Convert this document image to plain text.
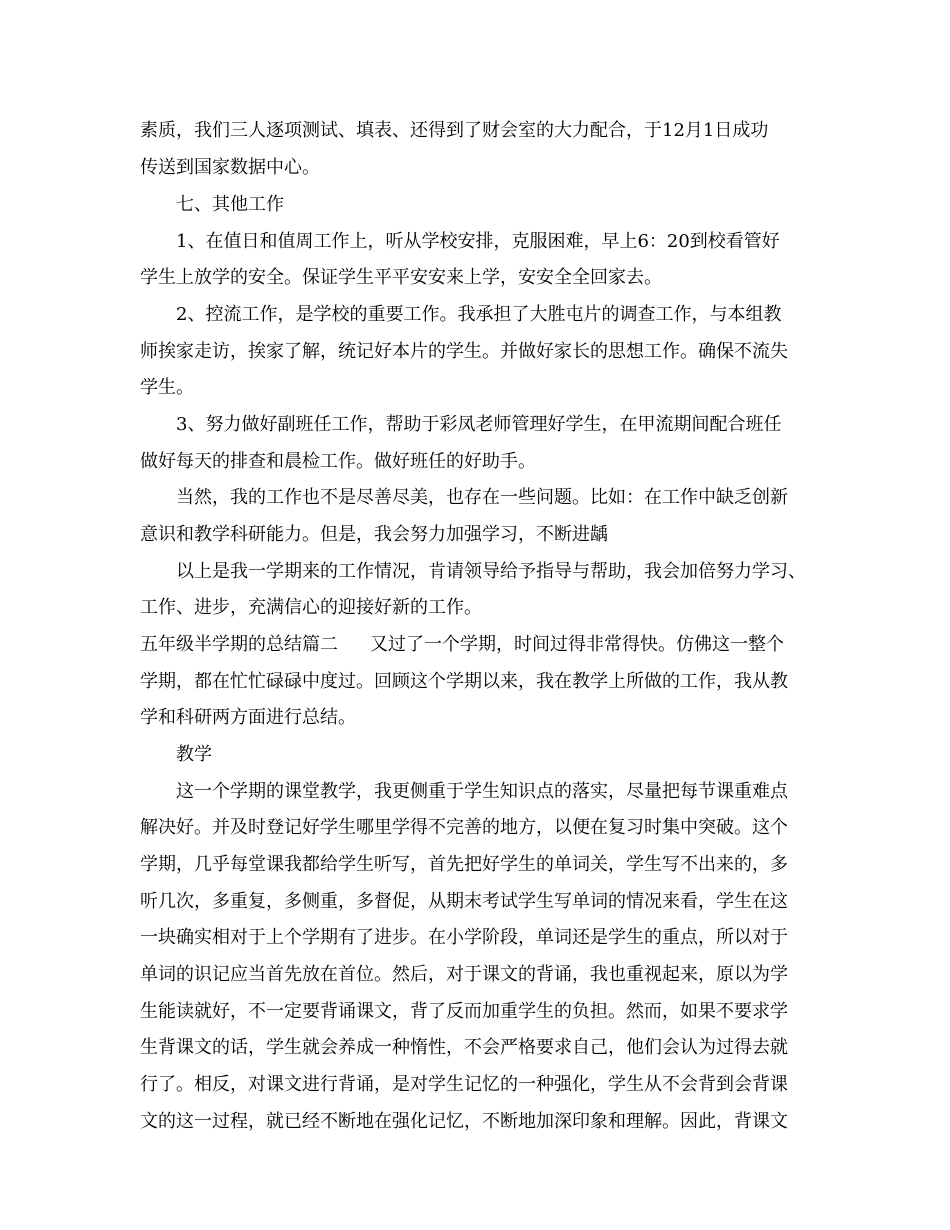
素质，我们三人逐项测试、填表、还得到了财会室的大力配合，于12月1日成功
传送到国家数据中心。
七、其他工作
1、在值日和值周工作上，听从学校安排，克服困难，早上6：20到校看管好
学生上放学的安全。保证学生平平安安来上学，安安全全回家去。
2、控流工作，是学校的重要工作。我承担了大胜屯片的调查工作，与本组教
师挨家走访，挨家了解，统记好本片的学生。并做好家长的思想工作。确保不流失
学生。
3、努力做好副班任工作，帮助于彩凤老师管理好学生，在甲流期间配合班任
做好每天的排查和晨检工作。做好班任的好助手。
当然，我的工作也不是尽善尽美，也存在一些问题。比如：在工作中缺乏创新
意识和教学科研能力。但是，我会努力加强学习，不断进龋
以上是我一学期来的工作情况，肯请领导给予指导与帮助，我会加倍努力学习、
工作、进步，充满信心的迎接好新的工作。
五年级半学期的总结篇二 又过了一个学期，时间过得非常得快。仿佛这一整个
学期，都在忙忙碌碌中度过。回顾这个学期以来，我在教学上所做的工作，我从教
学和科研两方面进行总结。
教学
这一个学期的课堂教学，我更侧重于学生知识点的落实，尽量把每节课重难点
解决好。并及时登记好学生哪里学得不完善的地方，以便在复习时集中突破。这个
学期，几乎每堂课我都给学生听写，首先把好学生的单词关，学生写不出来的，多
听几次，多重复，多侧重，多督促，从期末考试学生写单词的情况来看，学生在这
一块确实相对于上个学期有了进步。在小学阶段，单词还是学生的重点，所以对于
单词的识记应当首先放在首位。然后，对于课文的背诵，我也重视起来，原以为学
生能读就好，不一定要背诵课文，背了反而加重学生的负担。然而，如果不要求学
生背课文的话，学生就会养成一种惰性，不会严格要求自己，他们会认为过得去就
行了。相反，对课文进行背诵，是对学生记忆的一种强化，学生从不会背到会背课
文的这一过程，就已经不断地在强化记忆，不断地加深印象和理解。因此，背课文
